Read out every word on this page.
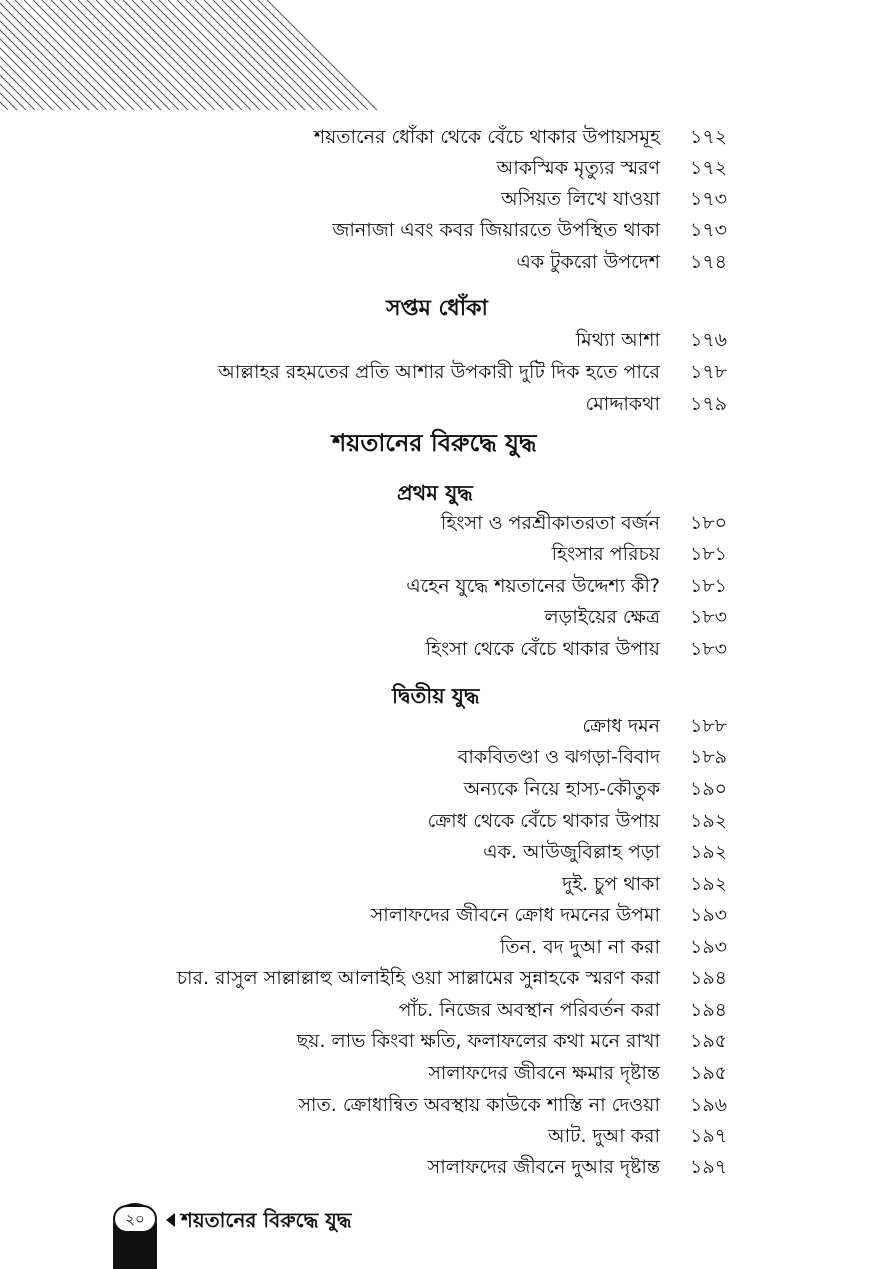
শয়তানের ধোঁকা থেকে বেঁচে থাকার উপায়সমূহ ১৭২
আকস্মিক মৃত্যুর স্মরণ ১৭২
অসিয়ত লিখে যাওয়া ১৭৩
জানাজা এবং কবর জিয়ারতে উপস্থিত থাকা ১৭৩
এক টুকরো উপদেশ ১৭৪
সপ্তম ধোঁকা
মিথ্যা আশা ১৭৬
আল্লাহর রহমতের প্রতি আশার উপকারী দুটি দিক হতে পারে ১৭৮
মোদ্দাকথা ১৭৯
শয়তানের বিরুদ্ধে যুদ্ধ
প্রথম যুদ্ধ
হিংসা ও পরশ্রীকাতরতা বর্জন ১৮০
হিংসার পরিচয় ১৮১
এহেন যুদ্ধে শয়তানের উদ্দেশ্য কী? ১৮১
লড়াইয়ের ক্ষেত্র ১৮৩
হিংসা থেকে বেঁচে থাকার উপায় ১৮৩
দ্বিতীয় যুদ্ধ
ক্রোধ দমন ১৮৮
বাকবিতণ্ডা ও ঝগড়া-বিবাদ ১৮৯
অন্যকে নিয়ে হাস্য-কৌতুক ১৯০
ক্রোধ থেকে বেঁচে থাকার উপায় ১৯২
এক. আউজুবিল্লাহ পড়া ১৯২
দুই. চুপ থাকা ১৯২
সালাফদের জীবনে ক্রোধ দমনের উপমা ১৯৩
তিন. বদ দুআ না করা ১৯৩
চার. রাসুল সাল্লাল্লাহু আলাইহি ওয়া সাল্লামের সুন্নাহকে স্মরণ করা ১৯৪
পাঁচ. নিজের অবস্থান পরিবর্তন করা ১৯৪
ছয়. লাভ কিংবা ক্ষতি, ফলাফলের কথা মনে রাখা ১৯৫
সালাফদের জীবনে ক্ষমার দৃষ্টান্ত ১৯৫
সাত. ক্রোধান্বিত অবস্থায় কাউকে শাস্তি না দেওয়া ১৯৬
আট. দুআ করা ১৯৭
সালাফদের জীবনে দুআর দৃষ্টান্ত ১৯৭
২০	শয়তানের বিরুদ্ধে যুদ্ধ
